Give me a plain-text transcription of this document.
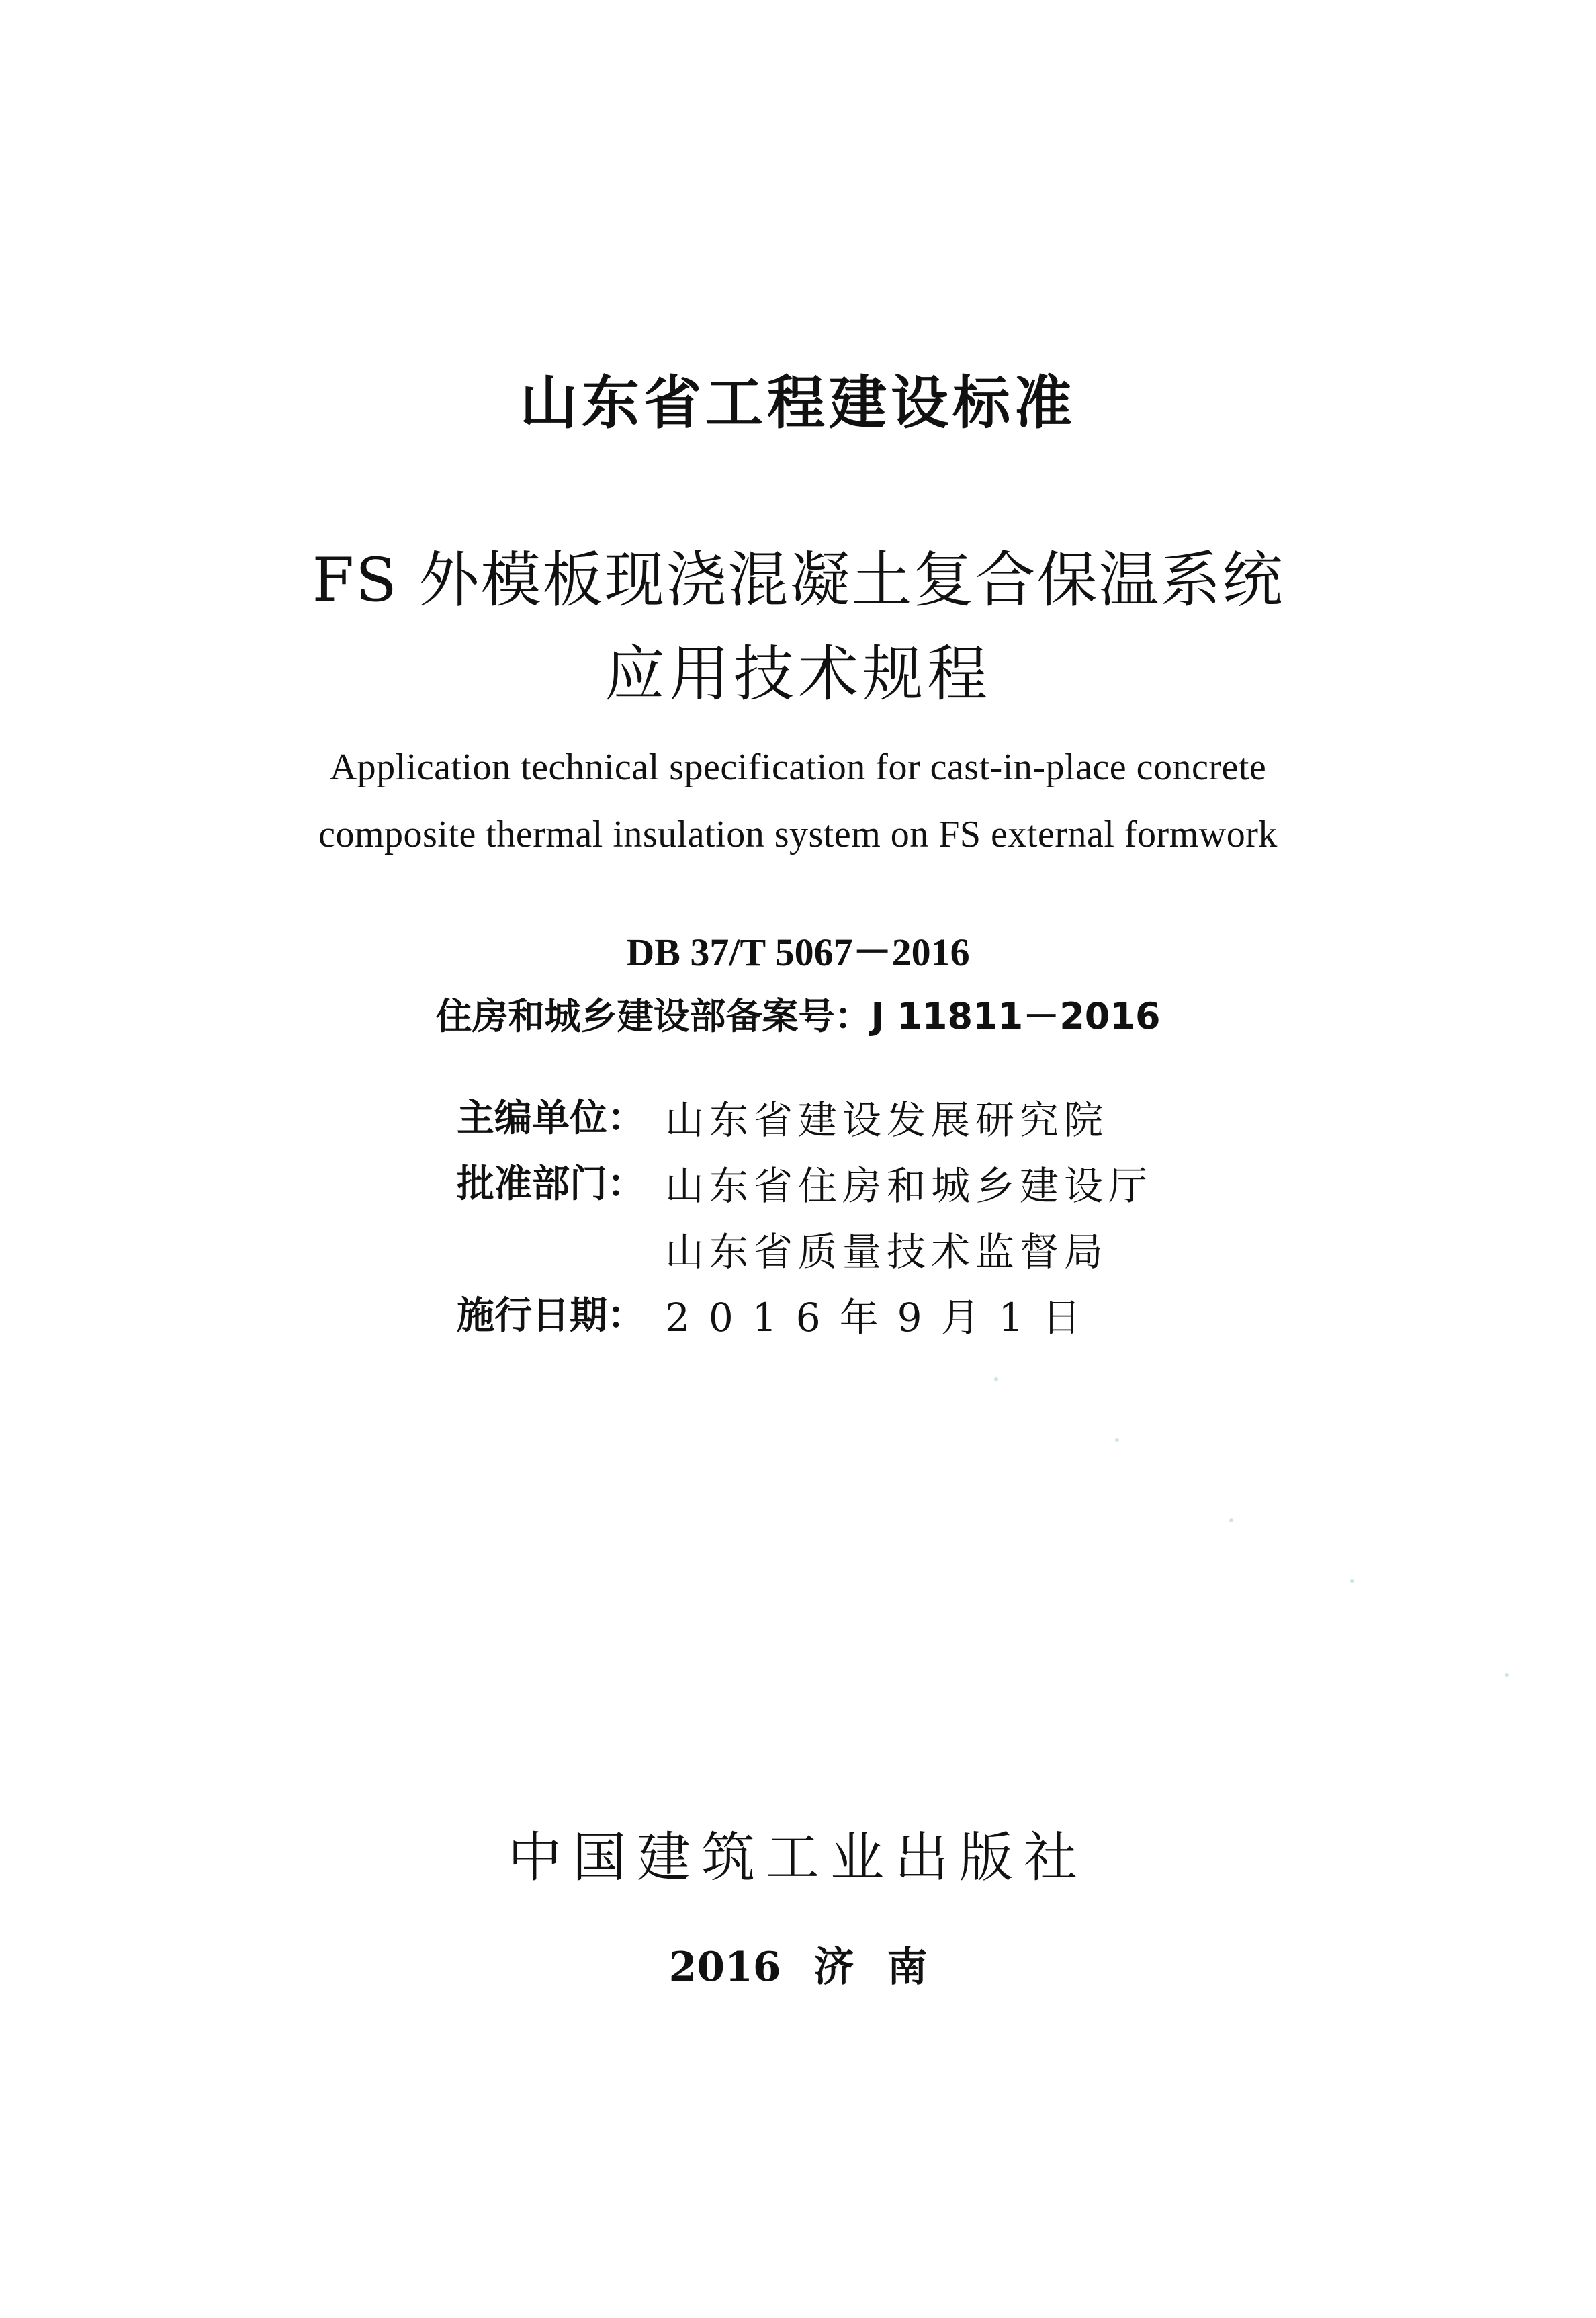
山东省工程建设标准
FS 外模板现浇混凝土复合保温系统
应用技术规程
Application technical specification for cast-in-place concrete
composite thermal insulation system on FS external formwork
DB 37/T 5067－2016
住房和城乡建设部备案号：J 11811－2016
主编单位： 山东省建设发展研究院
批准部门： 山东省住房和城乡建设厅
山东省质量技术监督局
施行日期： 2016年9月1日
中国建筑工业出版社
2016 济 南
